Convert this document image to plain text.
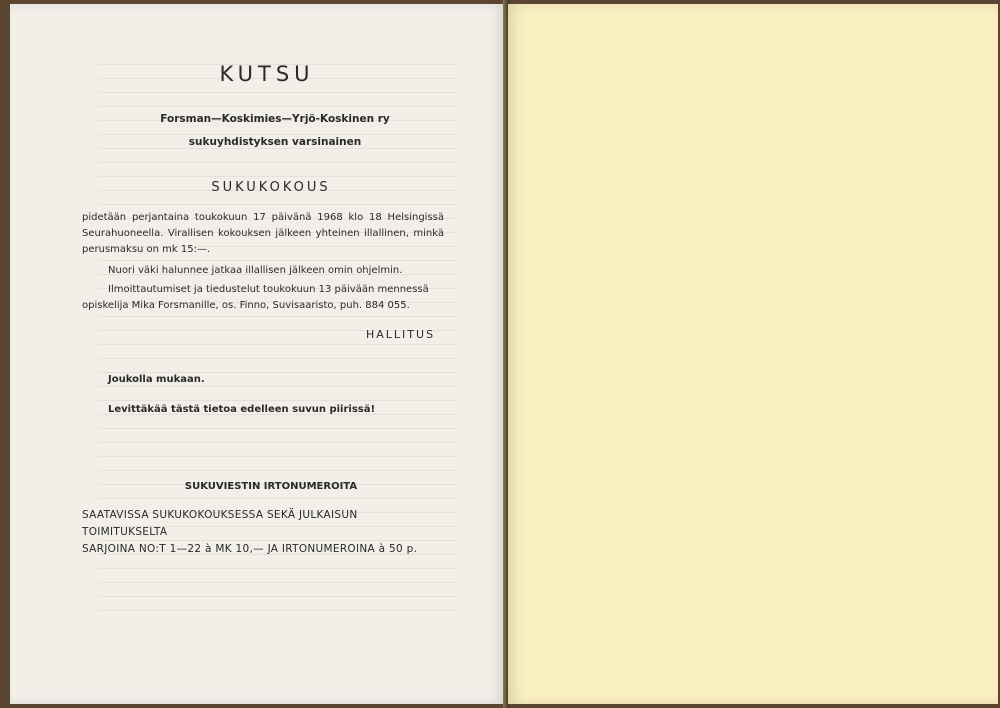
KUTSU
Forsman—Koskimies—Yrjö-Koskinen ry
sukuyhdistyksen varsinainen
SUKUKOKOUS
pidetään perjantaina toukokuun 17 päivänä 1968 klo 18 Helsingissä Seurahuoneella. Virallisen kokouksen jälkeen yhteinen illallinen, minkä perusmaksu on mk 15:—.
Nuori väki halunnee jatkaa illallisen jälkeen omin ohjelmin.
Ilmoittautumiset ja tiedustelut toukokuun 13 päivään mennessä
opiskelija Mika Forsmanille, os. Finno, Suvisaaristo, puh. 884 055.
HALLITUS
Joukolla mukaan.
Levittäkää tästä tietoa edelleen suvun piirissä!
SUKUVIESTIN IRTONUMEROITA
SAATAVISSA SUKUKOKOUKSESSA SEKÄ JULKAISUN TOIMITUKSELTA
SARJOINA NO:T 1—22 à MK 10,— JA IRTONUMEROINA à 50 p.
